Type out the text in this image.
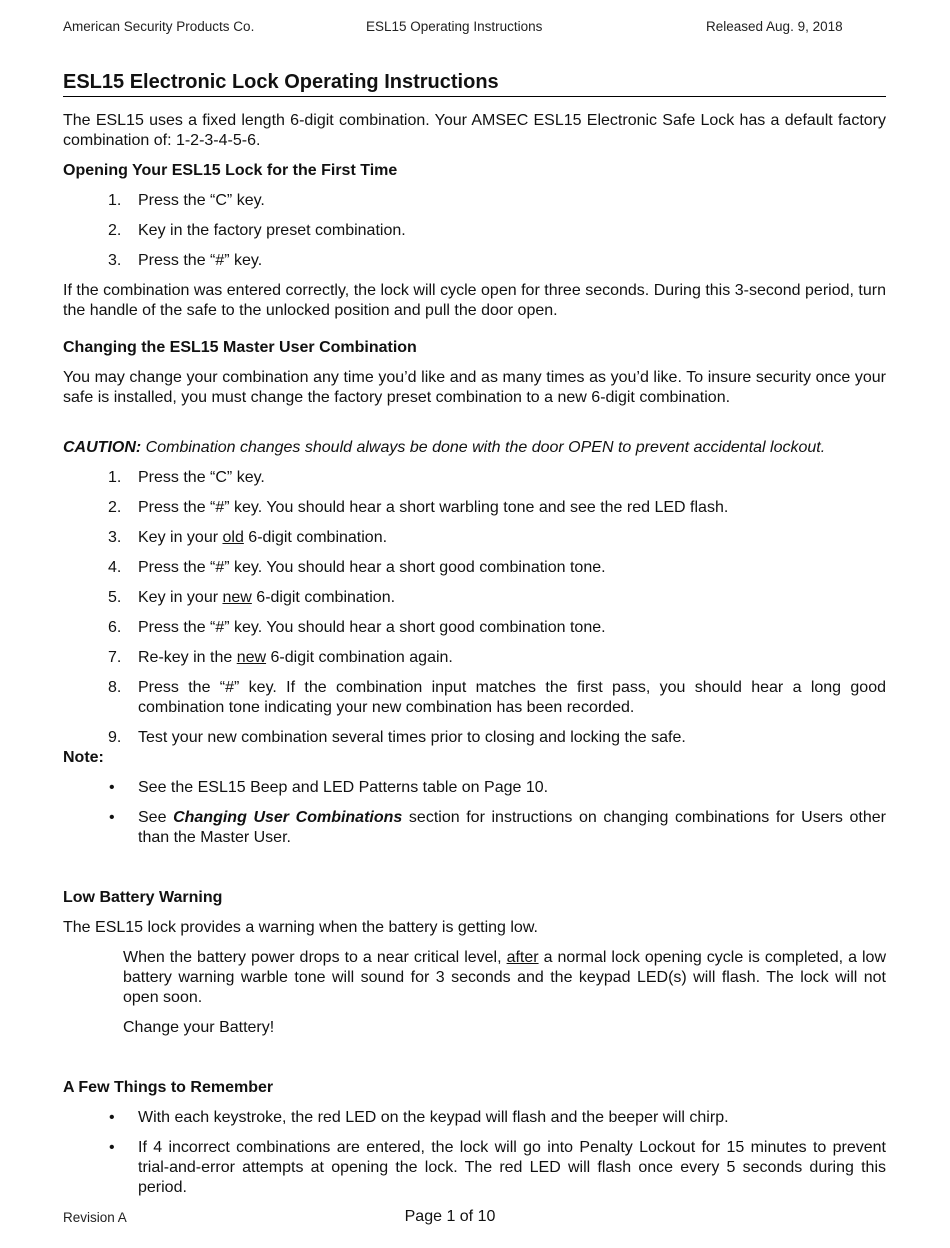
American Security Products Co.	ESL15 Operating Instructions	Released Aug. 9, 2018
ESL15 Electronic Lock Operating Instructions

The ESL15 uses a fixed length 6-digit combination. Your AMSEC ESL15 Electronic Safe Lock has a default factory combination of: 1-2-3-4-5-6.

Opening Your ESL15 Lock for the First Time
1. Press the “C” key.
2. Key in the factory preset combination.
3. Press the “#” key.

If the combination was entered correctly, the lock will cycle open for three seconds. During this 3-second period, turn the handle of the safe to the unlocked position and pull the door open.

Changing the ESL15 Master User Combination

You may change your combination any time you’d like and as many times as you’d like. To insure security once your safe is installed, you must change the factory preset combination to a new 6-digit combination.

CAUTION: Combination changes should always be done with the door OPEN to prevent accidental lockout.

1. Press the “C” key.
2. Press the “#” key. You should hear a short warbling tone and see the red LED flash.
3. Key in your old 6-digit combination.
4. Press the “#” key. You should hear a short good combination tone.
5. Key in your new 6-digit combination.
6. Press the “#” key. You should hear a short good combination tone.
7. Re-key in the new 6-digit combination again.
8. Press the “#” key. If the combination input matches the first pass, you should hear a long good combination tone indicating your new combination has been recorded.
9. Test your new combination several times prior to closing and locking the safe.
Note:
• See the ESL15 Beep and LED Patterns table on Page 10.
• See Changing User Combinations section for instructions on changing combinations for Users other than the Master User.
Low Battery Warning

The ESL15 lock provides a warning when the battery is getting low.

When the battery power drops to a near critical level, after a normal lock opening cycle is completed, a low battery warning warble tone will sound for 3 seconds and the keypad LED(s) will flash. The lock will not open soon.

Change your Battery!

A Few Things to Remember
• With each keystroke, the red LED on the keypad will flash and the beeper will chirp.
• If 4 incorrect combinations are entered, the lock will go into Penalty Lockout for 15 minutes to prevent trial-and-error attempts at opening the lock. The red LED will flash once every 5 seconds during this period.
Revision A	Page 1 of 10
